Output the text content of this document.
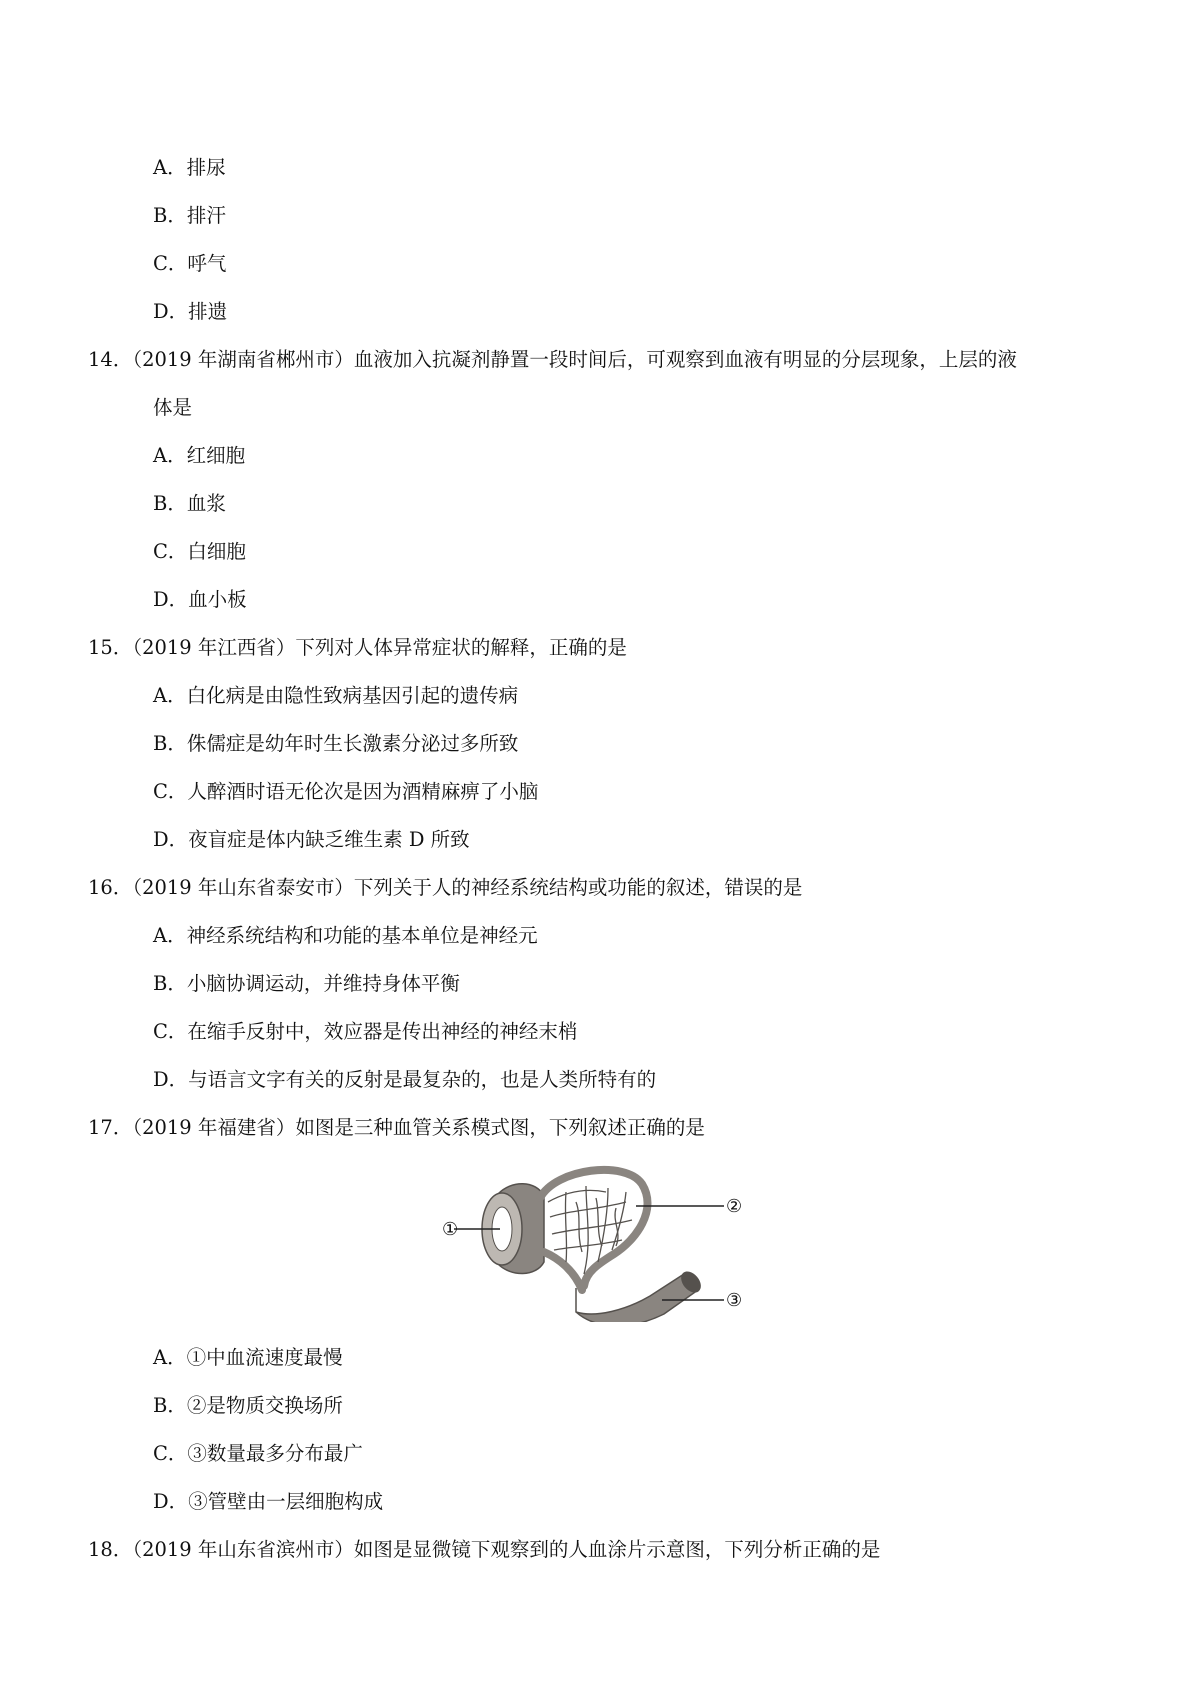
A．排尿
B．排汗
C．呼气
D．排遗
14．（2019 年湖南省郴州市）血液加入抗凝剂静置一段时间后，可观察到血液有明显的分层现象，上层的液
体是
A．红细胞
B．血浆
C．白细胞
D．血小板
15．（2019 年江西省）下列对人体异常症状的解释，正确的是
A．白化病是由隐性致病基因引起的遗传病
B．侏儒症是幼年时生长激素分泌过多所致
C．人醉酒时语无伦次是因为酒精麻痹了小脑
D．夜盲症是体内缺乏维生素 D 所致
16．（2019 年山东省泰安市）下列关于人的神经系统结构或功能的叙述，错误的是
A．神经系统结构和功能的基本单位是神经元
B．小脑协调运动，并维持身体平衡
C．在缩手反射中，效应器是传出神经的神经末梢
D．与语言文字有关的反射是最复杂的，也是人类所特有的
17．（2019 年福建省）如图是三种血管关系模式图，下列叙述正确的是
①
②
③
A．①中血流速度最慢
B．②是物质交换场所
C．③数量最多分布最广
D．③管壁由一层细胞构成
18．（2019 年山东省滨州市）如图是显微镜下观察到的人血涂片示意图，下列分析正确的是
